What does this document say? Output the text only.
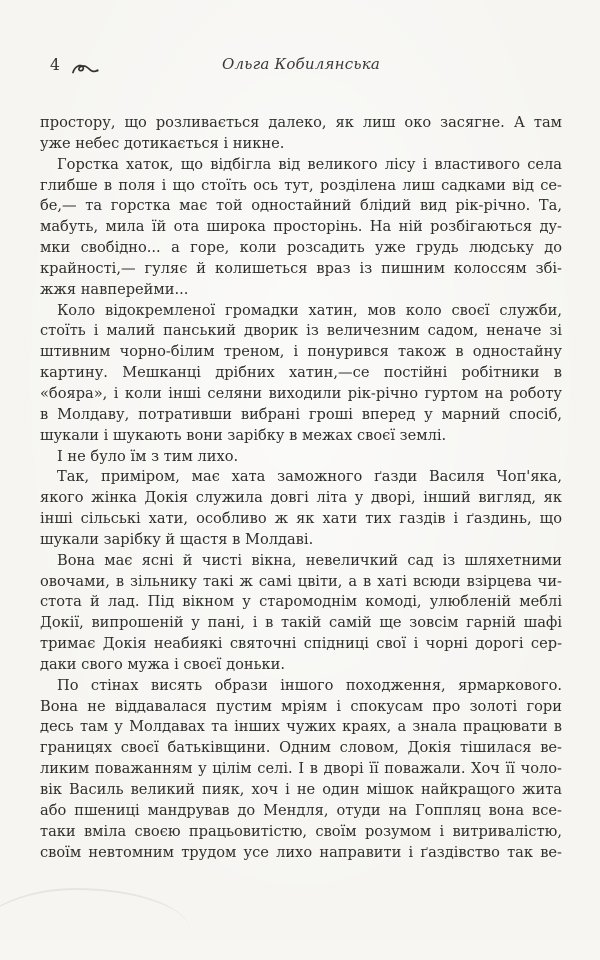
4	Ольга Кобилянська
простору, що розливається далеко, як лиш око засягне. А там
уже небес дотикається і никне.
Горстка хаток, що відбігла від великого лісу і властивого села
глибше в поля і що стоїть ось тут, розділена лиш садками від се-
бе,— та горстка має той одностайний блідий вид рік-річно. Та,
мабуть, мила їй ота широка просторінь. На ній розбігаються ду-
мки свобідно... а горе, коли розсадить уже грудь людську до
крайності,— гуляє й колишеться враз із пишним колоссям збі-
жжя навперейми...
Коло відокремленої громадки хатин, мов коло своєї служби,
стоїть і малий панський дворик із величезним садом, неначе зі
штивним чорно-білим треном, і понурився також в одностайну
картину. Мешканці дрібних хатин,—се постійні робітники в
«бояра», і коли інші селяни виходили рік-річно гуртом на роботу
в Молдаву, потративши вибрані гроші вперед у марний спосіб,
шукали і шукають вони зарібку в межах своєї землі.
І не було їм з тим лихо.
Так, приміром, має хата заможного ґазди Василя Чоп'яка,
якого жінка Докія служила довгі літа у дворі, інший вигляд, як
інші сільські хати, особливо ж як хати тих газдів і ґаздинь, що
шукали зарібку й щастя в Молдаві.
Вона має ясні й чисті вікна, невеличкий сад із шляхетними
овочами, в зільнику такі ж самі цвіти, а в хаті всюди взірцева чи-
стота й лад. Під вікном у старомоднім комоді, улюбленій меблі
Докії, випрошеній у пані, і в такій самій ще зовсім гарній шафі
тримає Докія неабиякі святочні спідниці свої і чорні дорогі сер-
даки свого мужа і своєї доньки.
По стінах висять образи іншого походження, ярмаркового.
Вона не віддавалася пустим мріям і спокусам про золоті гори
десь там у Молдавах та інших чужих краях, а знала працювати в
границях своєї батьківщини. Одним словом, Докія тішилася ве-
ликим поважанням у цілім селі. І в дворі її поважали. Хоч її чоло-
вік Василь великий пияк, хоч і не один мішок найкращого жита
або пшениці мандрував до Мендля, отуди на Гоппляц вона все-
таки вміла своєю працьовитістю, своїм розумом і витривалістю,
своїм невтомним трудом усе лихо направити і ґаздівство так ве-
